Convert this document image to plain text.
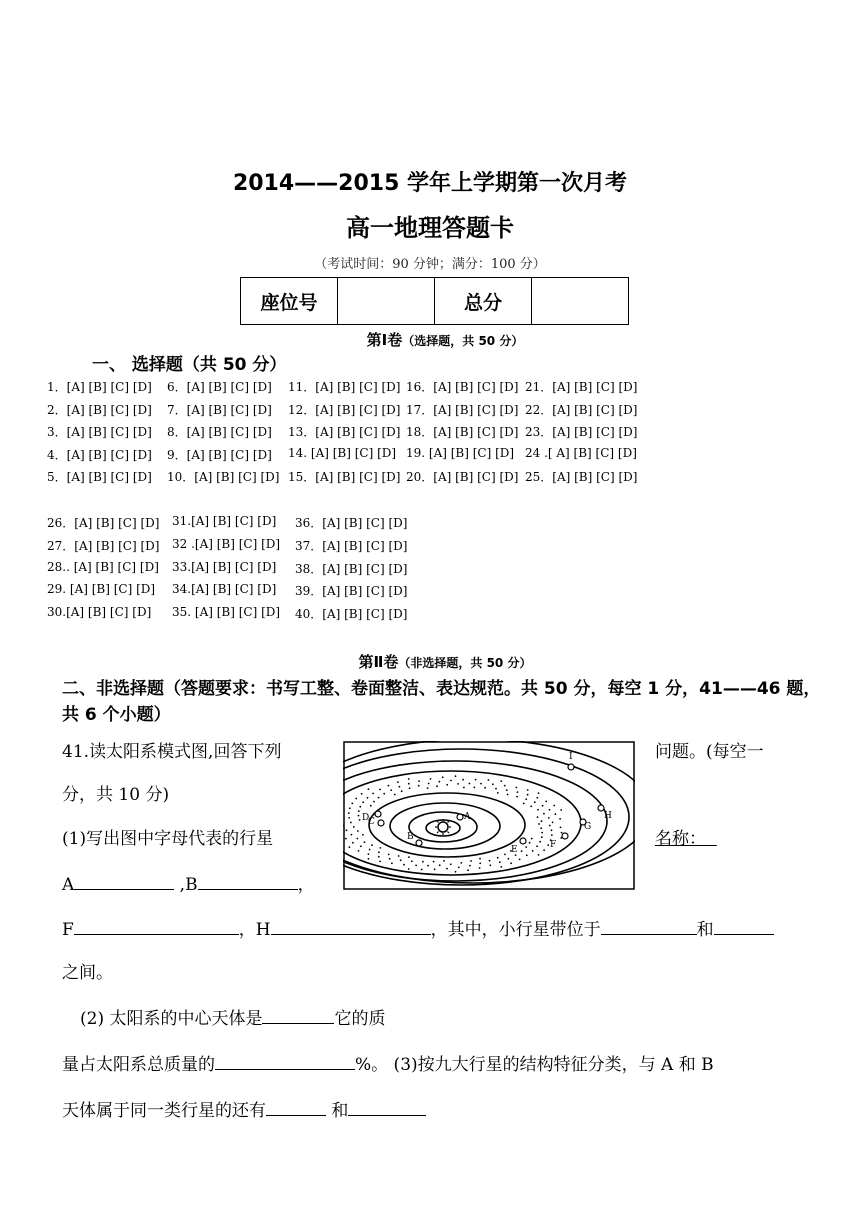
2014——2015 学年上学期第一次月考
高一地理答题卡
（考试时间：90 分钟；满分：100 分）
座位号		总分	
第Ⅰ卷（选择题，共 50 分）
一、 选择题（共 50 分）
1．[A] [B] [C] [D] 6．[A] [B] [C] [D] 11．[A] [B] [C] [D] 16．[A] [B] [C] [D] 21．[A] [B] [C] [D]
2．[A] [B] [C] [D] 7．[A] [B] [C] [D] 12．[A] [B] [C] [D] 17．[A] [B] [C] [D] 22．[A] [B] [C] [D]
3．[A] [B] [C] [D] 8．[A] [B] [C] [D] 13．[A] [B] [C] [D] 18．[A] [B] [C] [D] 23．[A] [B] [C] [D]
4．[A] [B] [C] [D] 9．[A] [B] [C] [D] 14. [A] [B] [C] [D] 19. [A] [B] [C] [D] 24 .[ A] [B] [C] [D]
5．[A] [B] [C] [D] 10．[A] [B] [C] [D] 15．[A] [B] [C] [D] 20．[A] [B] [C] [D] 25．[A] [B] [C] [D]
26．[A] [B] [C] [D] 31.[A] [B] [C] [D] 36．[A] [B] [C] [D]
27．[A] [B] [C] [D] 32 .[A] [B] [C] [D] 37．[A] [B] [C] [D]
28.. [A] [B] [C] [D] 33.[A] [B] [C] [D] 38．[A] [B] [C] [D]
29. [A] [B] [C] [D] 34.[A] [B] [C] [D] 39．[A] [B] [C] [D]
30.[A] [B] [C] [D] 35. [A] [B] [C] [D] 40．[A] [B] [C] [D]
第Ⅱ卷（非选择题，共 50 分）
二、非选择题（答题要求：书写工整、卷面整洁、表达规范。共 50 分，每空 1 分，41——46 题，共 6 个小题）
41.读太阳系模式图,回答下列	问题。(每空一
分，共 10 分)
(1)写出图中字母代表的行星	名称：
A	,B	，
F	，H	，其中，小行星带位于	和
之间。
(2) 太阳系的中心天体是	它的质
量占太阳系总质量的	%。 (3)按九大行星的结构特征分类，与 A 和 B
天体属于同一类行星的还有	和
A
B
C
D
E	F
G
H
I
